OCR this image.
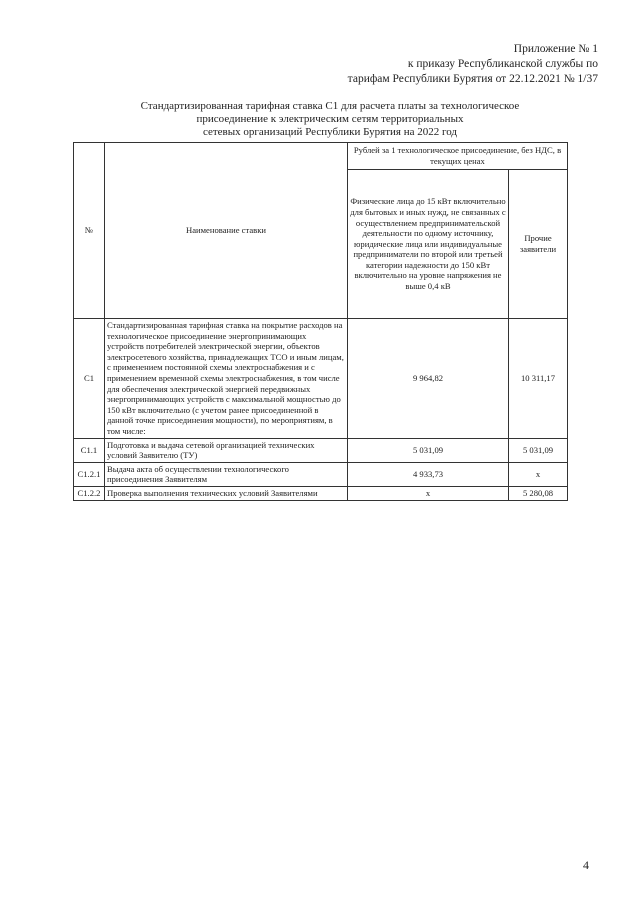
Приложение № 1
к приказу Республиканской службы по
тарифам Республики Бурятия от 22.12.2021 № 1/37
Стандартизированная тарифная ставка С1 для расчета платы за технологическое
присоединение к электрическим сетям территориальных
сетевых организаций Республики Бурятия на 2022 год
№	Наименование ставки	Рублей за 1 технологическое присоединение, без НДС, в текущих ценах	
		Физические лица до 15 кВт включительно для бытовых и иных нужд, не связанных с осуществлением предпринимательской деятельности по одному источнику, юридические лица или индивидуальные предприниматели по второй или третьей категории надежности до 150 кВт включительно на уровне напряжения не выше 0,4 кВ	Прочие заявители
С1	Стандартизированная тарифная ставка на покрытие расходов на технологическое присоединение энергопринимающих устройств потребителей электрической энергии, объектов электросетевого хозяйства, принадлежащих ТСО и иным лицам, с применением постоянной схемы электроснабжения и с применением временной схемы электроснабжения, в том числе для обеспечения электрической энергией передвижных энергопринимающих устройств с максимальной мощностью до 150 кВт включительно (с учетом ранее присоединенной в данной точке присоединения мощности), по мероприятиям, в том числе:	9 964,82	10 311,17
С1.1	Подготовка и выдача сетевой организацией технических условий Заявителю (ТУ)	5 031,09	5 031,09
С1.2.1	Выдача акта об осуществлении технологического присоединения Заявителям	4 933,73	x
С1.2.2	Проверка выполнения технических условий Заявителями	x	5 280,08
4
